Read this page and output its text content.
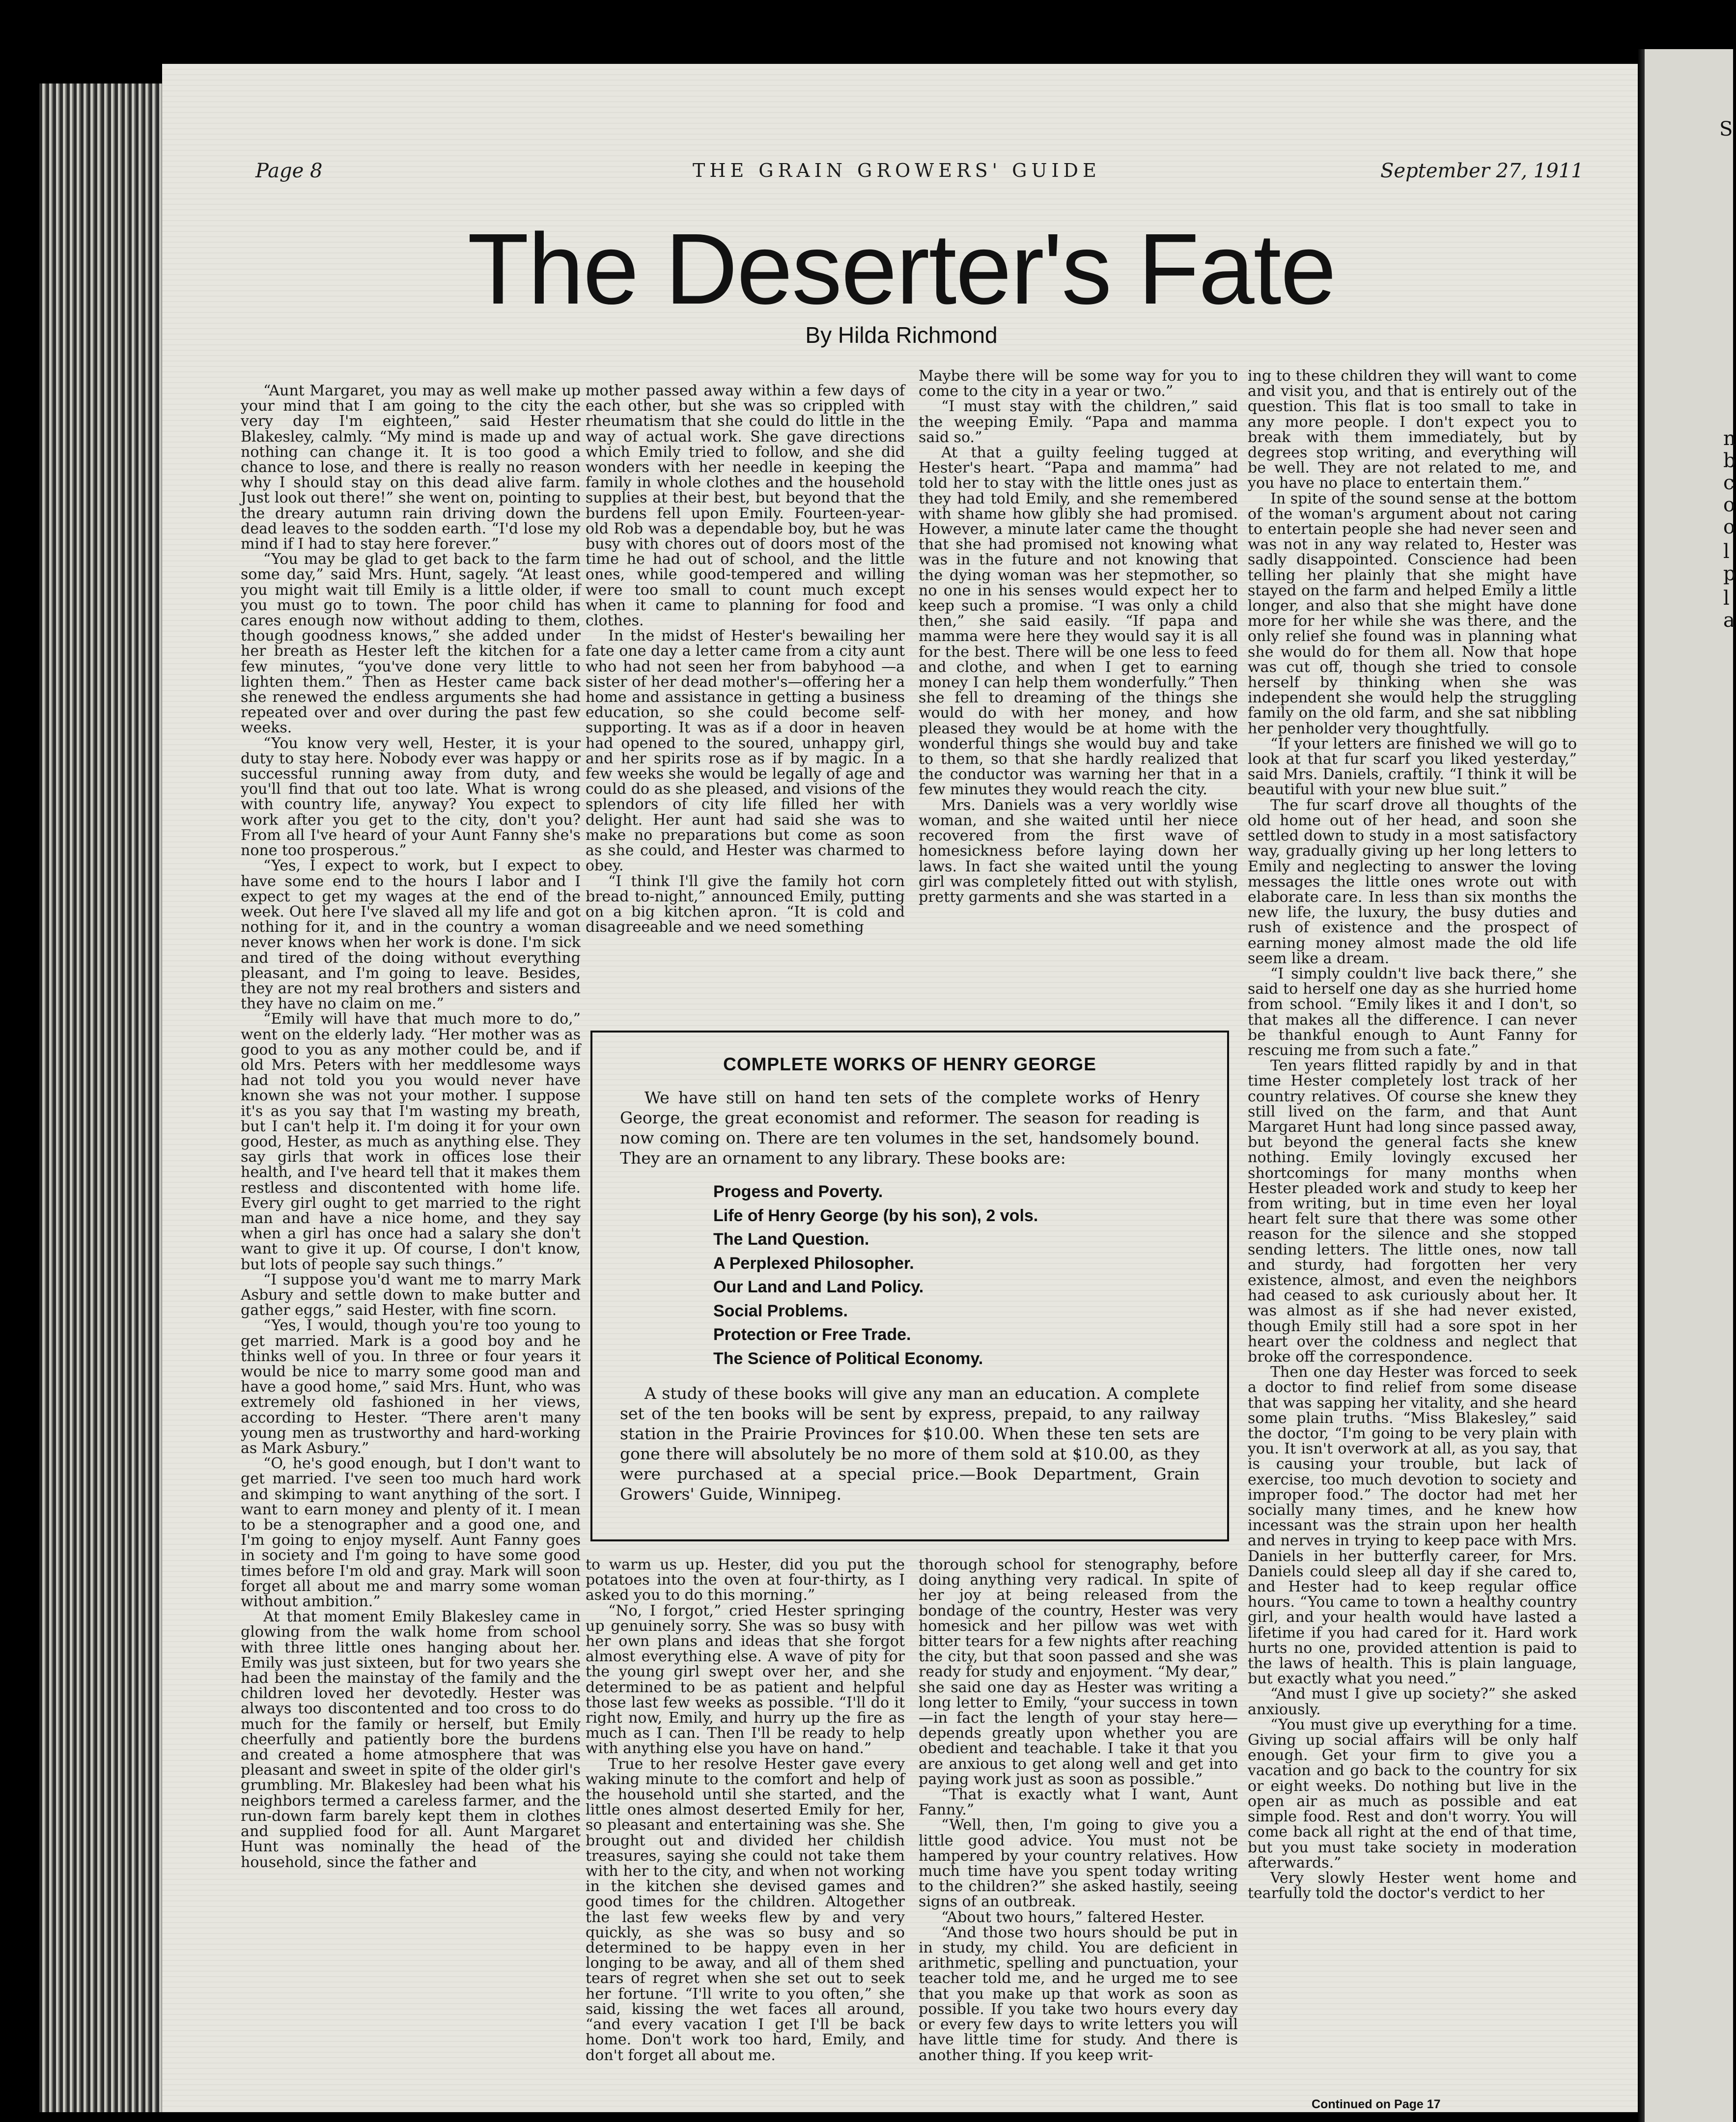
Page 8	THE GRAIN GROWERS' GUIDE	September 27, 1911
The Deserter's Fate
By Hilda Richmond

“Aunt Margaret, you may as well make up your mind that I am going to the city the very day I'm eighteen,” said Hester Blakesley, calmly. “My mind is made up and nothing can change it. It is too good a chance to lose, and there is really no reason why I should stay on this dead alive farm. Just look out there!” she went on, pointing to the dreary autumn rain driving down the dead leaves to the sodden earth. “I'd lose my mind if I had to stay here forever.”

“You may be glad to get back to the farm some day,” said Mrs. Hunt, sagely. “At least you might wait till Emily is a little older, if you must go to town. The poor child has cares enough now without adding to them, though goodness knows,” she added under her breath as Hester left the kitchen for a few minutes, “you've done very little to lighten them.” Then as Hester came back she renewed the endless arguments she had repeated over and over during the past few weeks.

“You know very well, Hester, it is your duty to stay here. Nobody ever was happy or successful running away from duty, and you'll find that out too late. What is wrong with country life, anyway? You expect to work after you get to the city, don't you? From all I've heard of your Aunt Fanny she's none too prosperous.”

“Yes, I expect to work, but I expect to have some end to the hours I labor and I expect to get my wages at the end of the week. Out here I've slaved all my life and got nothing for it, and in the country a woman never knows when her work is done. I'm sick and tired of the doing without everything pleasant, and I'm going to leave. Besides, they are not my real brothers and sisters and they have no claim on me.”

“Emily will have that much more to do,” went on the elderly lady. “Her mother was as good to you as any mother could be, and if old Mrs. Peters with her meddlesome ways had not told you you would never have known she was not your mother. I suppose it's as you say that I'm wasting my breath, but I can't help it. I'm doing it for your own good, Hester, as much as anything else. They say girls that work in offices lose their health, and I've heard tell that it makes them restless and discontented with home life. Every girl ought to get married to the right man and have a nice home, and they say when a girl has once had a salary she don't want to give it up. Of course, I don't know, but lots of people say such things.”

“I suppose you'd want me to marry Mark Asbury and settle down to make butter and gather eggs,” said Hester, with fine scorn.

“Yes, I would, though you're too young to get married. Mark is a good boy and he thinks well of you. In three or four years it would be nice to marry some good man and have a good home,” said Mrs. Hunt, who was extremely old fashioned in her views, according to Hester. “There aren't many young men as trustworthy and hard-working as Mark Asbury.”

“O, he's good enough, but I don't want to get married. I've seen too much hard work and skimping to want anything of the sort. I want to earn money and plenty of it. I mean to be a stenographer and a good one, and I'm going to enjoy myself. Aunt Fanny goes in society and I'm going to have some good times before I'm old and gray. Mark will soon forget all about me and marry some woman without ambition.”

At that moment Emily Blakesley came in glowing from the walk home from school with three little ones hanging about her. Emily was just sixteen, but for two years she had been the mainstay of the family and the children loved her devotedly. Hester was always too discontented and too cross to do much for the family or herself, but Emily cheerfully and patiently bore the burdens and created a home atmosphere that was pleasant and sweet in spite of the older girl's grumbling. Mr. Blakesley had been what his neighbors termed a careless farmer, and the run-down farm barely kept them in clothes and supplied food for all. Aunt Margaret Hunt was nominally the head of the household, since the father and

mother passed away within a few days of each other, but she was so crippled with rheumatism that she could do little in the way of actual work. She gave directions which Emily tried to follow, and she did wonders with her needle in keeping the family in whole clothes and the household supplies at their best, but beyond that the burdens fell upon Emily. Fourteen-year-old Rob was a dependable boy, but he was busy with chores out of doors most of the time he had out of school, and the little ones, while good-tempered and willing were too small to count much except when it came to planning for food and clothes.

In the midst of Hester's bewailing her fate one day a letter came from a city aunt who had not seen her from babyhood —a sister of her dead mother's—offering her a home and assistance in getting a business education, so she could become self-supporting. It was as if a door in heaven had opened to the soured, unhappy girl, and her spirits rose as if by magic. In a few weeks she would be legally of age and could do as she pleased, and visions of the splendors of city life filled her with delight. Her aunt had said she was to make no preparations but come as soon as she could, and Hester was charmed to obey.

“I think I'll give the family hot corn bread to-night,” announced Emily, putting on a big kitchen apron. “It is cold and disagreeable and we need something

Maybe there will be some way for you to come to the city in a year or two.”

“I must stay with the children,” said the weeping Emily. “Papa and mamma said so.”

At that a guilty feeling tugged at Hester's heart. “Papa and mamma” had told her to stay with the little ones just as they had told Emily, and she remembered with shame how glibly she had promised. However, a minute later came the thought that she had promised not knowing what was in the future and not knowing that the dying woman was her stepmother, so no one in his senses would expect her to keep such a promise. “I was only a child then,” she said easily. “If papa and mamma were here they would say it is all for the best. There will be one less to feed and clothe, and when I get to earning money I can help them wonderfully.” Then she fell to dreaming of the things she would do with her money, and how pleased they would be at home with the wonderful things she would buy and take to them, so that she hardly realized that the conductor was warning her that in a few minutes they would reach the city.

Mrs. Daniels was a very worldly wise woman, and she waited until her niece recovered from the first wave of homesickness before laying down her laws. In fact she waited until the young girl was completely fitted out with stylish, pretty garments and she was started in a

ing to these children they will want to come and visit you, and that is entirely out of the question. This flat is too small to take in any more people. I don't expect you to break with them immediately, but by degrees stop writing, and everything will be well. They are not related to me, and you have no place to entertain them.”

In spite of the sound sense at the bottom of the woman's argument about not caring to entertain people she had never seen and was not in any way related to, Hester was sadly disappointed. Conscience had been telling her plainly that she might have stayed on the farm and helped Emily a little longer, and also that she might have done more for her while she was there, and the only relief she found was in planning what she would do for them all. Now that hope was cut off, though she tried to console herself by thinking when she was independent she would help the struggling family on the old farm, and she sat nibbling her penholder very thoughtfully.

“If your letters are finished we will go to look at that fur scarf you liked yesterday,” said Mrs. Daniels, craftily. “I think it will be beautiful with your new blue suit.”

The fur scarf drove all thoughts of the old home out of her head, and soon she settled down to study in a most satisfactory way, gradually giving up her long letters to Emily and neglecting to answer the loving messages the little ones wrote out with elaborate care. In less than six months the new life, the luxury, the busy duties and rush of existence and the prospect of earning money almost made the old life seem like a dream.

“I simply couldn't live back there,” she said to herself one day as she hurried home from school. “Emily likes it and I don't, so that makes all the difference. I can never be thankful enough to Aunt Fanny for rescuing me from such a fate.”

Ten years flitted rapidly by and in that time Hester completely lost track of her country relatives. Of course she knew they still lived on the farm, and that Aunt Margaret Hunt had long since passed away, but beyond the general facts she knew nothing. Emily lovingly excused her shortcomings for many months when Hester pleaded work and study to keep her from writing, but in time even her loyal heart felt sure that there was some other reason for the silence and she stopped sending letters. The little ones, now tall and sturdy, had forgotten her very existence, almost, and even the neighbors had ceased to ask curiously about her. It was almost as if she had never existed, though Emily still had a sore spot in her heart over the coldness and neglect that broke off the correspondence.

Then one day Hester was forced to seek a doctor to find relief from some disease that was sapping her vitality, and she heard some plain truths. “Miss Blakesley,” said the doctor, “I'm going to be very plain with you. It isn't overwork at all, as you say, that is causing your trouble, but lack of exercise, too much devotion to society and improper food.” The doctor had met her socially many times, and he knew how incessant was the strain upon her health and nerves in trying to keep pace with Mrs. Daniels in her butterfly career, for Mrs. Daniels could sleep all day if she cared to, and Hester had to keep regular office hours. “You came to town a healthy country girl, and your health would have lasted a lifetime if you had cared for it. Hard work hurts no one, provided attention is paid to the laws of health. This is plain language, but exactly what you need.”

“And must I give up society?” she asked anxiously.

“You must give up everything for a time. Giving up social affairs will be only half enough. Get your firm to give you a vacation and go back to the country for six or eight weeks. Do nothing but live in the open air as much as possible and eat simple food. Rest and don't worry. You will come back all right at the end of that time, but you must take society in moderation afterwards.”

Very slowly Hester went home and tearfully told the doctor's verdict to her

COMPLETE WORKS OF HENRY GEORGE

We have still on hand ten sets of the complete works of Henry George, the great economist and reformer. The season for reading is now coming on. There are ten volumes in the set, handsomely bound. They are an ornament to any library. These books are:

Progess and Poverty.
Life of Henry George (by his son), 2 vols.
The Land Question.
A Perplexed Philosopher.
Our Land and Land Policy.
Social Problems.
Protection or Free Trade.
The Science of Political Economy.

A study of these books will give any man an education. A complete set of the ten books will be sent by express, prepaid, to any railway station in the Prairie Provinces for $10.00. When these ten sets are gone there will absolutely be no more of them sold at $10.00, as they were purchased at a special price.—Book Department, Grain Growers' Guide, Winnipeg.

to warm us up. Hester, did you put the potatoes into the oven at four-thirty, as I asked you to do this morning.”

“No, I forgot,” cried Hester springing up genuinely sorry. She was so busy with her own plans and ideas that she forgot almost everything else. A wave of pity for the young girl swept over her, and she determined to be as patient and helpful those last few weeks as possible. “I'll do it right now, Emily, and hurry up the fire as much as I can. Then I'll be ready to help with anything else you have on hand.”

True to her resolve Hester gave every waking minute to the comfort and help of the household until she started, and the little ones almost deserted Emily for her, so pleasant and entertaining was she. She brought out and divided her childish treasures, saying she could not take them with her to the city, and when not working in the kitchen she devised games and good times for the children. Altogether the last few weeks flew by and very quickly, as she was so busy and so determined to be happy even in her longing to be away, and all of them shed tears of regret when she set out to seek her fortune. “I'll write to you often,” she said, kissing the wet faces all around, “and every vacation I get I'll be back home. Don't work too hard, Emily, and don't forget all about me.

thorough school for stenography, before doing anything very radical. In spite of her joy at being released from the bondage of the country, Hester was very homesick and her pillow was wet with bitter tears for a few nights after reaching the city, but that soon passed and she was ready for study and enjoyment. “My dear,” she said one day as Hester was writing a long letter to Emily, “your success in town—in fact the length of your stay here—depends greatly upon whether you are obedient and teachable. I take it that you are anxious to get along well and get into paying work just as soon as possible.”

“That is exactly what I want, Aunt Fanny.”

“Well, then, I'm going to give you a little good advice. You must not be hampered by your country relatives. How much time have you spent today writing to the children?” she asked hastily, seeing signs of an outbreak.

“About two hours,” faltered Hester.

“And those two hours should be put in in study, my child. You are deficient in arithmetic, spelling and punctuation, your teacher told me, and he urged me to see that you make up that work as soon as possible. If you take two hours every day or every few days to write letters you will have little time for study. And there is another thing. If you keep writ-

Continued on Page 17
S
n
b
c
o
o
l
p
l
a
